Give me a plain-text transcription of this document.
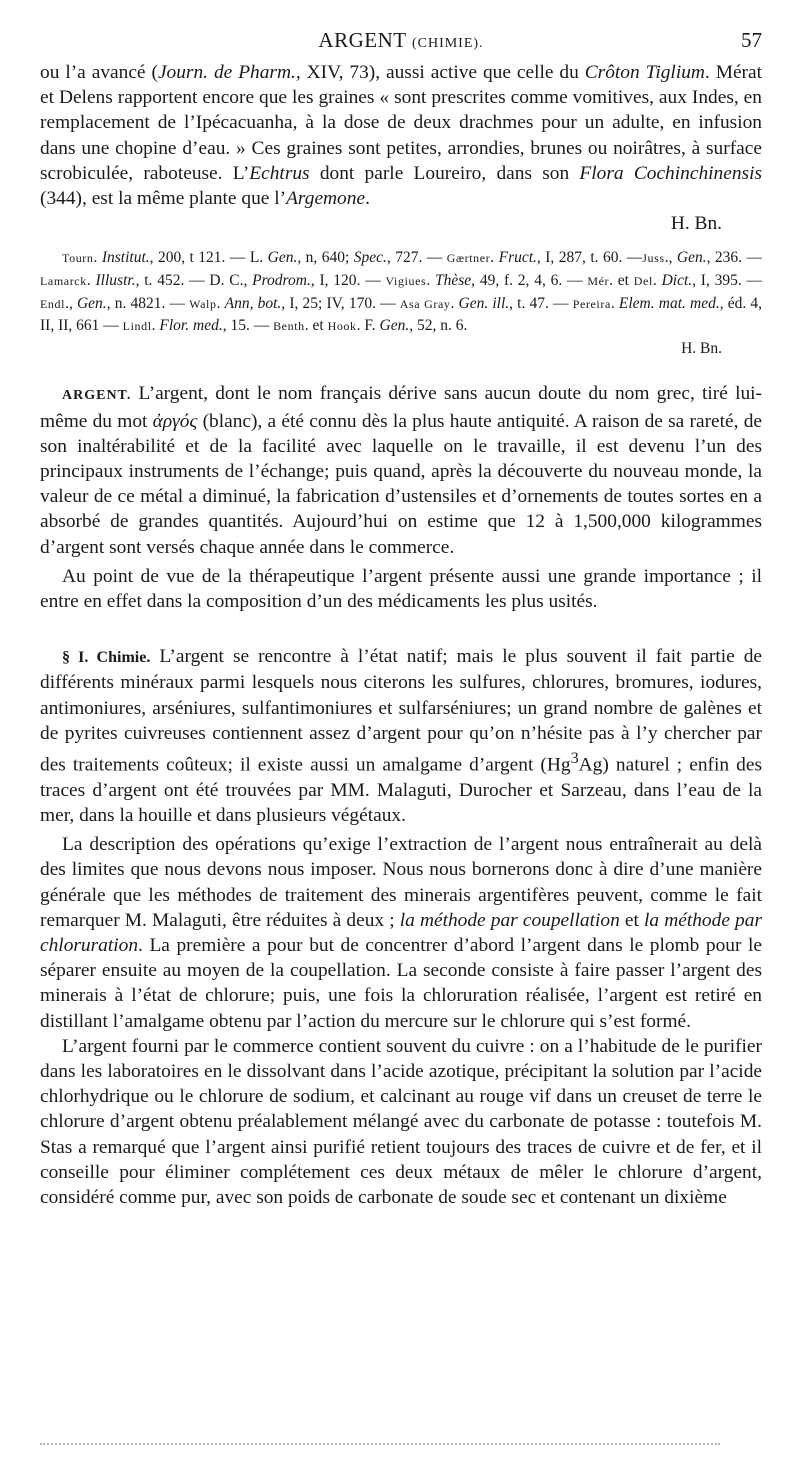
ARGENT (CHIMIE).	57

ou l’a avancé (Journ. de Pharm., XIV, 73), aussi active que celle du Crôton Tiglium. Mérat et Delens rapportent encore que les graines « sont prescrites comme vomitives, aux Indes, en remplacement de l’Ipécacuanha, à la dose de deux drachmes pour un adulte, en infusion dans une chopine d’eau. » Ces graines sont petites, arrondies, brunes ou noirâtres, à surface scrobiculée, raboteuse. L’Echtrus dont parle Loureiro, dans son Flora Cochinchinensis (344), est la même plante que l’Argemone.

H. Bn.

Tourn. Institut., 200, t 121. — L. Gen., n, 640; Spec., 727. — Gærtner. Fruct., I, 287, t. 60. —Juss., Gen., 236. —Lamarck. Illustr., t. 452. — D. C., Prodrom., I, 120. — Vigiues. Thèse, 49, f. 2, 4, 6. — Mér. et Del. Dict., I, 395. — Endl., Gen., n. 4821. — Walp. Ann, bot., I, 25; IV, 170. — Asa Gray. Gen. ill., t. 47. — Pereira. Elem. mat. med., éd. 4, II, II, 661 — Lindl. Flor. med., 15. — Benth. et Hook. F. Gen., 52, n. 6.

H. Bn.

ARGENT. L’argent, dont le nom français dérive sans aucun doute du nom grec, tiré lui-même du mot ἀργός (blanc), a été connu dès la plus haute antiquité. A raison de sa rareté, de son inaltérabilité et de la facilité avec laquelle on le travaille, il est devenu l’un des principaux instruments de l’échange; puis quand, après la découverte du nouveau monde, la valeur de ce métal a diminué, la fabrication d’ustensiles et d’ornements de toutes sortes en a absorbé de grandes quantités. Aujourd’hui on estime que 12 à 1,500,000 kilogrammes d’argent sont versés chaque année dans le commerce.

Au point de vue de la thérapeutique l’argent présente aussi une grande importance ; il entre en effet dans la composition d’un des médicaments les plus usités.

§ I. Chimie. L’argent se rencontre à l’état natif; mais le plus souvent il fait partie de différents minéraux parmi lesquels nous citerons les sulfures, chlorures, bromures, iodures, antimoniures, arséniures, sulfantimoniures et sulfarséniures; un grand nombre de galènes et de pyrites cuivreuses contiennent assez d’argent pour qu’on n’hésite pas à l’y chercher par des traitements coûteux; il existe aussi un amalgame d’argent (Hg$^3$Ag) naturel ; enfin des traces d’argent ont été trouvées par MM. Malaguti, Durocher et Sarzeau, dans l’eau de la mer, dans la houille et dans plusieurs végétaux.

La description des opérations qu’exige l’extraction de l’argent nous entraînerait au delà des limites que nous devons nous imposer. Nous nous bornerons donc à dire d’une manière générale que les méthodes de traitement des minerais argentifères peuvent, comme le fait remarquer M. Malaguti, être réduites à deux ; la méthode par coupellation et la méthode par chloruration. La première a pour but de concentrer d’abord l’argent dans le plomb pour le séparer ensuite au moyen de la coupellation. La seconde consiste à faire passer l’argent des minerais à l’état de chlorure; puis, une fois la chloruration réalisée, l’argent est retiré en distillant l’amalgame obtenu par l’action du mercure sur le chlorure qui s’est formé.

L’argent fourni par le commerce contient souvent du cuivre : on a l’habitude de le purifier dans les laboratoires en le dissolvant dans l’acide azotique, précipitant la solution par l’acide chlorhydrique ou le chlorure de sodium, et calcinant au rouge vif dans un creuset de terre le chlorure d’argent obtenu préalablement mélangé avec du carbonate de potasse : toutefois M. Stas a remarqué que l’argent ainsi purifié retient toujours des traces de cuivre et de fer, et il conseille pour éliminer complétement ces deux métaux de mêler le chlorure d’argent, considéré comme pur, avec son poids de carbonate de soude sec et contenant un dixième
